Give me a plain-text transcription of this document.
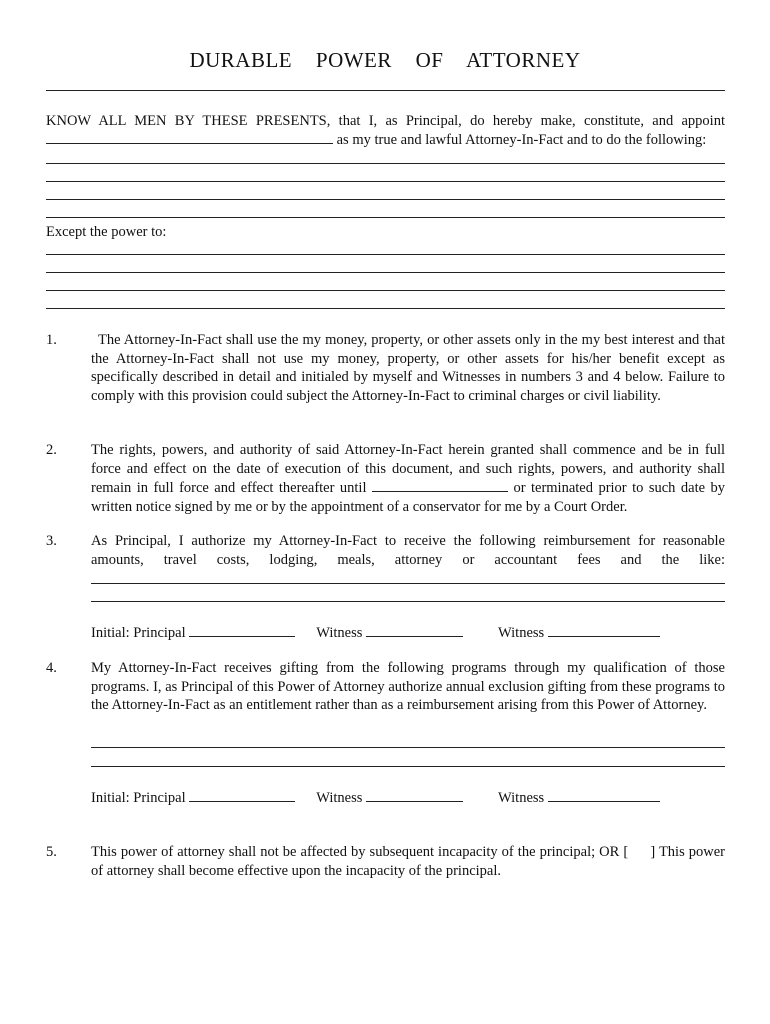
DURABLE POWER OF ATTORNEY
KNOW ALL MEN BY THESE PRESENTS, that I, as Principal, do hereby make, constitute, and appoint
as my true and lawful Attorney-In-Fact and to do the following:
Except the power to:
1.	The Attorney-In-Fact shall use the my money, property, or other assets only in the my best interest and that the Attorney-In-Fact shall not use my money, property, or other assets for his/her benefit except as specifically described in detail and initialed by myself and Witnesses in numbers 3 and 4 below. Failure to comply with this provision could subject the Attorney-In-Fact to criminal charges or civil liability.
2. The rights, powers, and authority of said Attorney-In-Fact herein granted shall commence and be in full force and effect on the date of execution of this document, and such rights, powers, and authority shall remain in full force and effect thereafter until	or terminated prior to such date by written notice signed by me or by the appointment of a conservator for me by a Court Order.
3. As Principal, I authorize my Attorney-In-Fact to receive the following reimbursement for reasonable amounts, travel costs, lodging, meals, attorney or accountant fees and the like:
Initial: Principal	Witness	Witness
4. My Attorney-In-Fact receives gifting from the following programs through my qualification of those programs. I, as Principal of this Power of Attorney authorize annual exclusion gifting from these programs to the Attorney-In-Fact as an entitlement rather than as a reimbursement arising from this Power of Attorney.
Initial: Principal	Witness	Witness
5. This power of attorney shall not be affected by subsequent incapacity of the principal; OR [ ] This power of attorney shall become effective upon the incapacity of the principal.
